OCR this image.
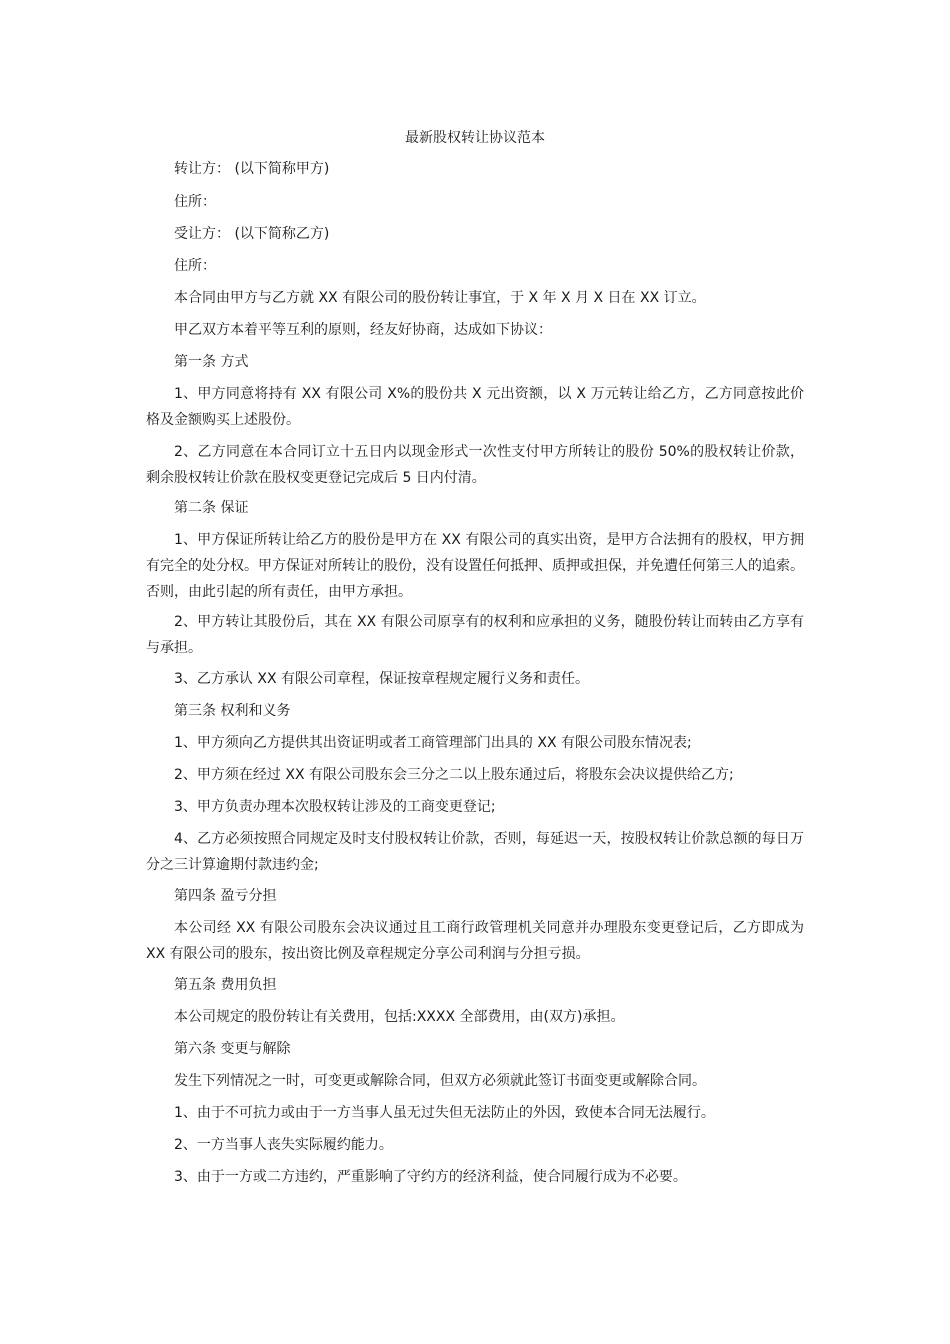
最新股权转让协议范本

转让方： (以下简称甲方)

住所：

受让方： (以下简称乙方)

住所：

本合同由甲方与乙方就 XX 有限公司的股份转让事宜，于 X 年 X 月 X 日在 XX 订立。

甲乙双方本着平等互利的原则，经友好协商，达成如下协议：

第一条 方式

1、甲方同意将持有 XX 有限公司 X%的股份共 X 元出资额，以 X 万元转让给乙方，乙方同意按此价格及金额购买上述股份。

2、乙方同意在本合同订立十五日内以现金形式一次性支付甲方所转让的股份 50%的股权转让价款，剩余股权转让价款在股权变更登记完成后 5 日内付清。

第二条 保证

1、甲方保证所转让给乙方的股份是甲方在 XX 有限公司的真实出资，是甲方合法拥有的股权，甲方拥有完全的处分权。甲方保证对所转让的股份，没有设置任何抵押、质押或担保，并免遭任何第三人的追索。否则，由此引起的所有责任，由甲方承担。

2、甲方转让其股份后，其在 XX 有限公司原享有的权利和应承担的义务，随股份转让而转由乙方享有与承担。

3、乙方承认 XX 有限公司章程，保证按章程规定履行义务和责任。

第三条 权利和义务

1、甲方须向乙方提供其出资证明或者工商管理部门出具的 XX 有限公司股东情况表;

2、甲方须在经过 XX 有限公司股东会三分之二以上股东通过后，将股东会决议提供给乙方;

3、甲方负责办理本次股权转让涉及的工商变更登记;

4、乙方必须按照合同规定及时支付股权转让价款，否则，每延迟一天，按股权转让价款总额的每日万分之三计算逾期付款违约金;

第四条 盈亏分担

本公司经 XX 有限公司股东会决议通过且工商行政管理机关同意并办理股东变更登记后，乙方即成为 XX 有限公司的股东，按出资比例及章程规定分享公司利润与分担亏损。

第五条 费用负担

本公司规定的股份转让有关费用，包括:XXXX 全部费用，由(双方)承担。

第六条 变更与解除

发生下列情况之一时，可变更或解除合同，但双方必须就此签订书面变更或解除合同。

1、由于不可抗力或由于一方当事人虽无过失但无法防止的外因，致使本合同无法履行。

2、一方当事人丧失实际履约能力。

3、由于一方或二方违约，严重影响了守约方的经济利益，使合同履行成为不必要。
